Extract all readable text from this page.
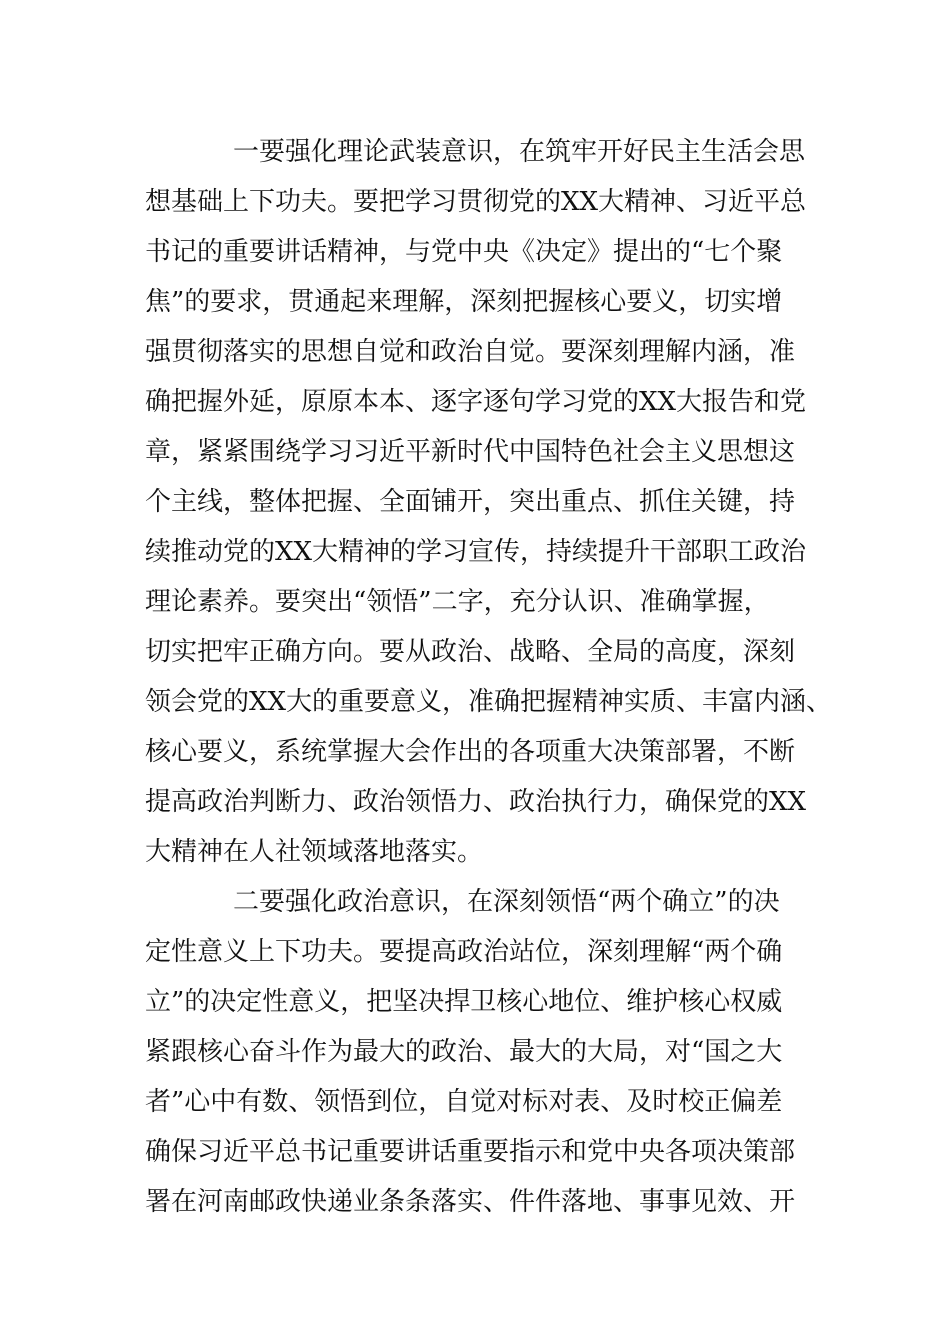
一要强化理论武装意识，在筑牢开好民主生活会思
想基础上下功夫。要把学习贯彻党的XX大精神、习近平总
书记的重要讲话精神，与党中央《决定》提出的“七个聚
焦”的要求，贯通起来理解，深刻把握核心要义，切实增
强贯彻落实的思想自觉和政治自觉。要深刻理解内涵，准
确把握外延，原原本本、逐字逐句学习党的XX大报告和党
章，紧紧围绕学习习近平新时代中国特色社会主义思想这
个主线，整体把握、全面铺开，突出重点、抓住关键，持
续推动党的XX大精神的学习宣传，持续提升干部职工政治
理论素养。要突出“领悟”二字，充分认识、准确掌握，
切实把牢正确方向。要从政治、战略、全局的高度，深刻
领会党的XX大的重要意义，准确把握精神实质、丰富内涵、
核心要义，系统掌握大会作出的各项重大决策部署，不断
提高政治判断力、政治领悟力、政治执行力，确保党的XX
大精神在人社领域落地落实。
二要强化政治意识，在深刻领悟“两个确立”的决
定性意义上下功夫。要提高政治站位，深刻理解“两个确
立”的决定性意义，把坚决捍卫核心地位、维护核心权威
紧跟核心奋斗作为最大的政治、最大的大局，对“国之大
者”心中有数、领悟到位，自觉对标对表、及时校正偏差
确保习近平总书记重要讲话重要指示和党中央各项决策部
署在河南邮政快递业条条落实、件件落地、事事见效、开
